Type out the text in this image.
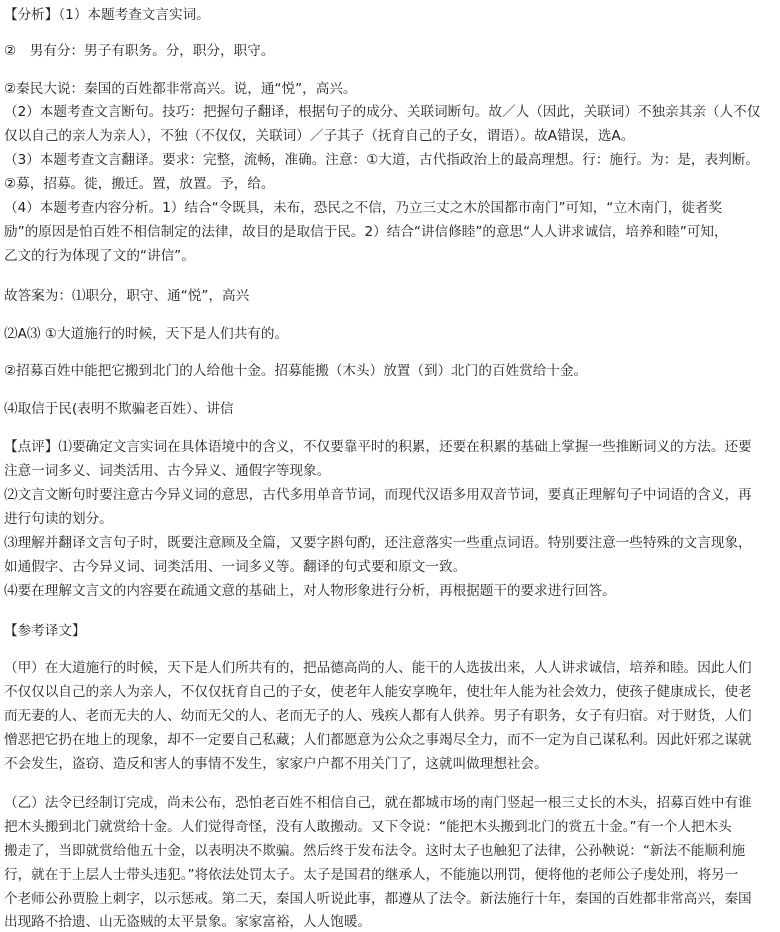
【分析】（1）本题考查文言实词。
②　男有分：男子有职务。分，职分，职守。
②秦民大说：秦国的百姓都非常高兴。说，通“悦”，高兴。
（2）本题考查文言断句。技巧：把握句子翻译，根据句子的成分、关联词断句。故／人（因此，关联词）不独亲其亲（人不仅
仅以自己的亲人为亲人），不独（不仅仅，关联词）／子其子（抚育自己的子女，谓语）。故A错误，选A。
（3）本题考查文言翻译。要求：完整，流畅，准确。注意：①大道，古代指政治上的最高理想。行：施行。为：是，表判断。
②募，招募。徙，搬迁。置，放置。予，给。
（4）本题考查内容分析。1）结合“令既具，未布，恐民之不信，乃立三丈之木於国都市南门”可知，“立木南门，徙者奖
励”的原因是怕百姓不相信制定的法律，故目的是取信于民。2）结合“讲信修睦”的意思“人人讲求诚信，培养和睦”可知，
乙文的行为体现了文的“讲信”。
故答案为：⑴职分，职守、通“悦”，高兴
⑵A⑶ ①大道施行的时候，天下是人们共有的。
②招募百姓中能把它搬到北门的人给他十金。招募能搬（木头）放置（到）北门的百姓赏给十金。
⑷取信于民(表明不欺骗老百姓）、讲信
【点评】⑴要确定文言实词在具体语境中的含义，不仅要靠平时的积累，还要在积累的基础上掌握一些推断词义的方法。还要
注意一词多义、词类活用、古今异义、通假字等现象。
⑵文言文断句时要注意古今异义词的意思，古代多用单音节词，而现代汉语多用双音节词，要真正理解句子中词语的含义，再
进行句读的划分。
⑶理解并翻译文言句子时，既要注意顾及全篇，又要字斟句酌，还注意落实一些重点词语。特别要注意一些特殊的文言现象，
如通假字、古今异义词、词类活用、一词多义等。翻译的句式要和原文一致。
⑷要在理解文言文的内容要在疏通文意的基础上，对人物形象进行分析，再根据题干的要求进行回答。
【参考译文】
（甲）在大道施行的时候，天下是人们所共有的，把品德高尚的人、能干的人选拔出来，人人讲求诚信，培养和睦。因此人们
不仅仅以自己的亲人为亲人，不仅仅抚育自己的子女，使老年人能安享晚年，使壮年人能为社会效力，使孩子健康成长，使老
而无妻的人、老而无夫的人、幼而无父的人、老而无子的人、残疾人都有人供养。男子有职务，女子有归宿。对于财货，人们
憎恶把它扔在地上的现象，却不一定要自己私藏；人们都愿意为公众之事竭尽全力，而不一定为自己谋私利。因此奸邪之谋就
不会发生，盗窃、造反和害人的事情不发生，家家户户都不用关门了，这就叫做理想社会。
（乙）法令已经制订完成，尚未公布，恐怕老百姓不相信自己，就在都城市场的南门竖起一根三丈长的木头，招募百姓中有谁
把木头搬到北门就赏给十金。人们觉得奇怪，没有人敢搬动。又下令说：“能把木头搬到北门的赏五十金。”有一个人把木头
搬走了，当即就赏给他五十金，以表明决不欺骗。然后终于发布法令。这时太子也触犯了法律，公孙鞅说：“新法不能顺利施
行，就在于上层人士带头违犯。”将依法处罚太子。太子是国君的继承人，不能施以刑罚，便将他的老师公子虔处刑，将另一
个老师公孙贾脸上刺字，以示惩戒。第二天，秦国人听说此事，都遵从了法令。新法施行十年，秦国的百姓都非常高兴，秦国
出现路不拾遗、山无盗贼的太平景象。家家富裕，人人饱暖。
